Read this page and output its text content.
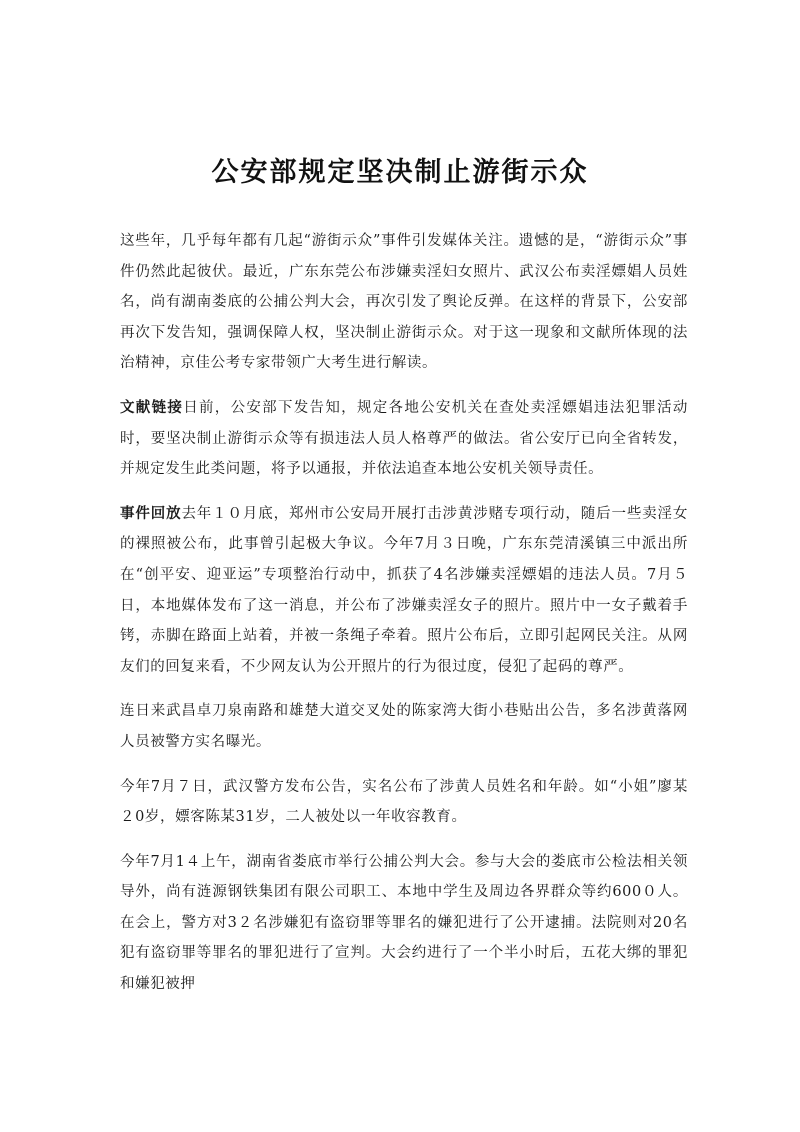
公安部规定坚决制止游街示众

这些年，几乎每年都有几起“游街示众”事件引发媒体关注。遗憾的是，“游街示众”事件仍然此起彼伏。最近，广东东莞公布涉嫌卖淫妇女照片、武汉公布卖淫嫖娼人员姓名，尚有湖南娄底的公捕公判大会，再次引发了舆论反弹。在这样的背景下，公安部再次下发告知，强调保障人权，坚决制止游街示众。对于这一现象和文献所体现的法治精神，京佳公考专家带领广大考生进行解读。

文献链接日前，公安部下发告知，规定各地公安机关在查处卖淫嫖娼违法犯罪活动时，要坚决制止游街示众等有损违法人员人格尊严的做法。省公安厅已向全省转发，并规定发生此类问题，将予以通报，并依法追查本地公安机关领导责任。

事件回放去年１０月底，郑州市公安局开展打击涉黄涉赌专项行动，随后一些卖淫女的裸照被公布，此事曾引起极大争议。今年7月３日晚，广东东莞清溪镇三中派出所在“创平安、迎亚运”专项整治行动中，抓获了4名涉嫌卖淫嫖娼的违法人员。7月５日，本地媒体发布了这一消息，并公布了涉嫌卖淫女子的照片。照片中一女子戴着手铐，赤脚在路面上站着，并被一条绳子牵着。照片公布后，立即引起网民关注。从网友们的回复来看，不少网友认为公开照片的行为很过度，侵犯了起码的尊严。

连日来武昌卓刀泉南路和雄楚大道交叉处的陈家湾大街小巷贴出公告，多名涉黄落网人员被警方实名曝光。

今年7月７日，武汉警方发布公告，实名公布了涉黄人员姓名和年龄。如“小姐”廖某２0岁，嫖客陈某31岁，二人被处以一年收容教育。

今年7月1４上午，湖南省娄底市举行公捕公判大会。参与大会的娄底市公检法相关领导外，尚有涟源钢铁集团有限公司职工、本地中学生及周边各界群众等约600０人。在会上，警方对3２名涉嫌犯有盗窃罪等罪名的嫌犯进行了公开逮捕。法院则对20名犯有盗窃罪等罪名的罪犯进行了宣判。大会约进行了一个半小时后，五花大绑的罪犯和嫌犯被押
